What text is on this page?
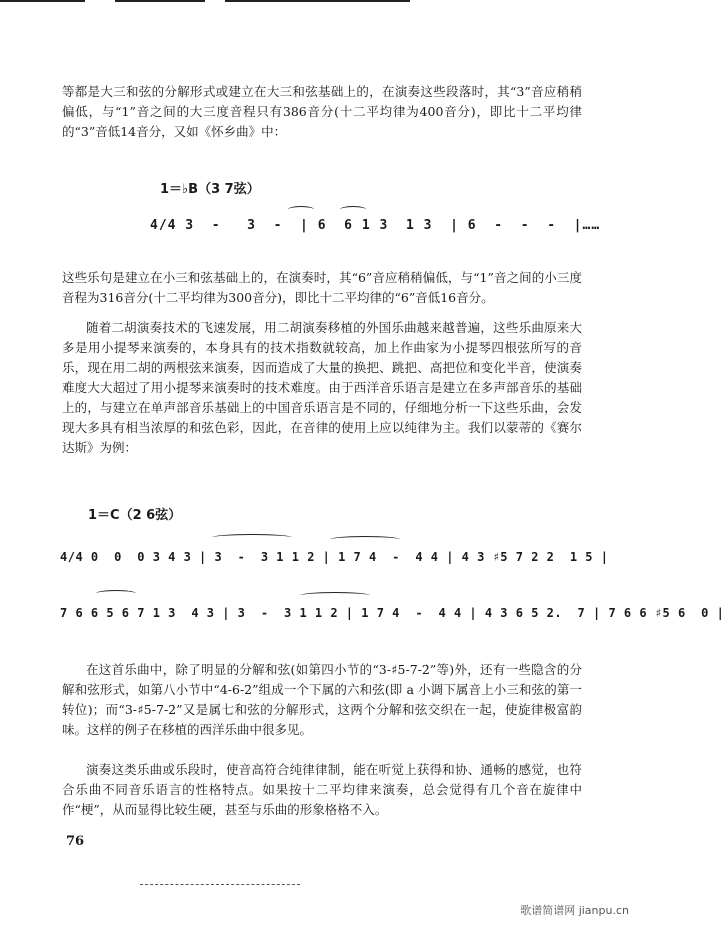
等都是大三和弦的分解形式或建立在大三和弦基础上的，在演奏这些段落时，其“3”音应稍稍偏低，与“1”音之间的大三度音程只有386音分(十二平均律为400音分)，即比十二平均律的“3”音低14音分，又如《怀乡曲》中：
1＝♭B（3 7弦）
4/4 3  -   3  -  | 6  6 1 3  1 3  | 6  -  -  -  |……
这些乐句是建立在小三和弦基础上的，在演奏时，其“6”音应稍稍偏低，与“1”音之间的小三度音程为316音分(十二平均律为300音分)，即比十二平均律的“6”音低16音分。
随着二胡演奏技术的飞速发展，用二胡演奏移植的外国乐曲越来越普遍，这些乐曲原来大多是用小提琴来演奏的，本身具有的技术指数就较高，加上作曲家为小提琴四根弦所写的音乐，现在用二胡的两根弦来演奏，因而造成了大量的换把、跳把、高把位和变化半音，使演奏难度大大超过了用小提琴来演奏时的技术难度。由于西洋音乐语言是建立在多声部音乐的基础上的，与建立在单声部音乐基础上的中国音乐语言是不同的，仔细地分析一下这些乐曲，会发现大多具有相当浓厚的和弦色彩，因此，在音律的使用上应以纯律为主。我们以蒙蒂的《赛尔达斯》为例：
1＝C（2 6弦）
4/4 0  0  0 3 4 3 | 3  -  3 1 1 2 | 1 7 4  -  4 4 | 4 3 ♯5 7 2 2  1 5 |
7 6 6 5 6 7 1 3  4 3 | 3  -  3 1 1 2 | 1 7 4  -  4 4 | 4 3 6 5 2.  7 | 7 6 6 ♯5 6  0 |
在这首乐曲中，除了明显的分解和弦(如第四小节的“3-♯5-7-2̇”等)外，还有一些隐含的分解和弦形式，如第八小节中“4-6-2̇”组成一个下属的六和弦(即 a 小调下属音上小三和弦的第一转位)；而“3-♯5-7-2̇”又是属七和弦的分解形式，这两个分解和弦交织在一起，使旋律极富韵味。这样的例子在移植的西洋乐曲中很多见。
演奏这类乐曲或乐段时，使音高符合纯律律制，能在听觉上获得和协、通畅的感觉，也符合乐曲不同音乐语言的性格特点。如果按十二平均律来演奏，总会觉得有几个音在旋律中作“梗”，从而显得比较生硬，甚至与乐曲的形象格格不入。
76
歌谱简谱网 jianpu.cn
